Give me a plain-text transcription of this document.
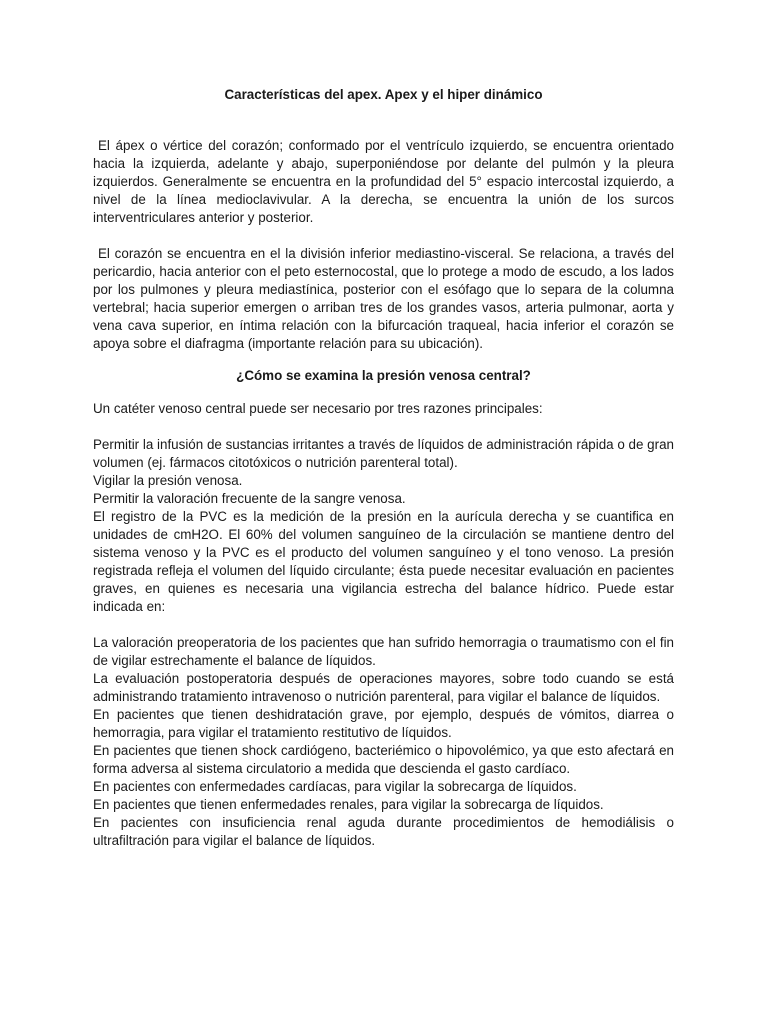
Características del apex. Apex y el hiper dinámico

El ápex o vértice del corazón; conformado por el ventrículo izquierdo, se encuentra orientado hacia la izquierda, adelante y abajo, superponiéndose por delante del pulmón y la pleura izquierdos. Generalmente se encuentra en la profundidad del 5° espacio intercostal izquierdo, a nivel de la línea medioclavivular. A la derecha, se encuentra la unión de los surcos interventriculares anterior y posterior.

El corazón se encuentra en el la división inferior mediastino-visceral. Se relaciona, a través del pericardio, hacia anterior con el peto esternocostal, que lo protege a modo de escudo, a los lados por los pulmones y pleura mediastínica, posterior con el esófago que lo separa de la columna vertebral; hacia superior emergen o arriban tres de los grandes vasos, arteria pulmonar, aorta y vena cava superior, en íntima relación con la bifurcación traqueal, hacia inferior el corazón se apoya sobre el diafragma (importante relación para su ubicación).

¿Cómo se examina la presión venosa central?

Un catéter venoso central puede ser necesario por tres razones principales:

Permitir la infusión de sustancias irritantes a través de líquidos de administración rápida o de gran volumen (ej. fármacos citotóxicos o nutrición parenteral total).

Vigilar la presión venosa.

Permitir la valoración frecuente de la sangre venosa.

El registro de la PVC es la medición de la presión en la aurícula derecha y se cuantifica en unidades de cmH2O. El 60% del volumen sanguíneo de la circulación se mantiene dentro del sistema venoso y la PVC es el producto del volumen sanguíneo y el tono venoso. La presión registrada refleja el volumen del líquido circulante; ésta puede necesitar evaluación en pacientes graves, en quienes es necesaria una vigilancia estrecha del balance hídrico. Puede estar indicada en:

La valoración preoperatoria de los pacientes que han sufrido hemorragia o traumatismo con el fin de vigilar estrechamente el balance de líquidos.

La evaluación postoperatoria después de operaciones mayores, sobre todo cuando se está administrando tratamiento intravenoso o nutrición parenteral, para vigilar el balance de líquidos.

En pacientes que tienen deshidratación grave, por ejemplo, después de vómitos, diarrea o hemorragia, para vigilar el tratamiento restitutivo de líquidos.

En pacientes que tienen shock cardiógeno, bacteriémico o hipovolémico, ya que esto afectará en forma adversa al sistema circulatorio a medida que descienda el gasto cardíaco.

En pacientes con enfermedades cardíacas, para vigilar la sobrecarga de líquidos.

En pacientes que tienen enfermedades renales, para vigilar la sobrecarga de líquidos.

En pacientes con insuficiencia renal aguda durante procedimientos de hemodiálisis o ultrafiltración para vigilar el balance de líquidos.
